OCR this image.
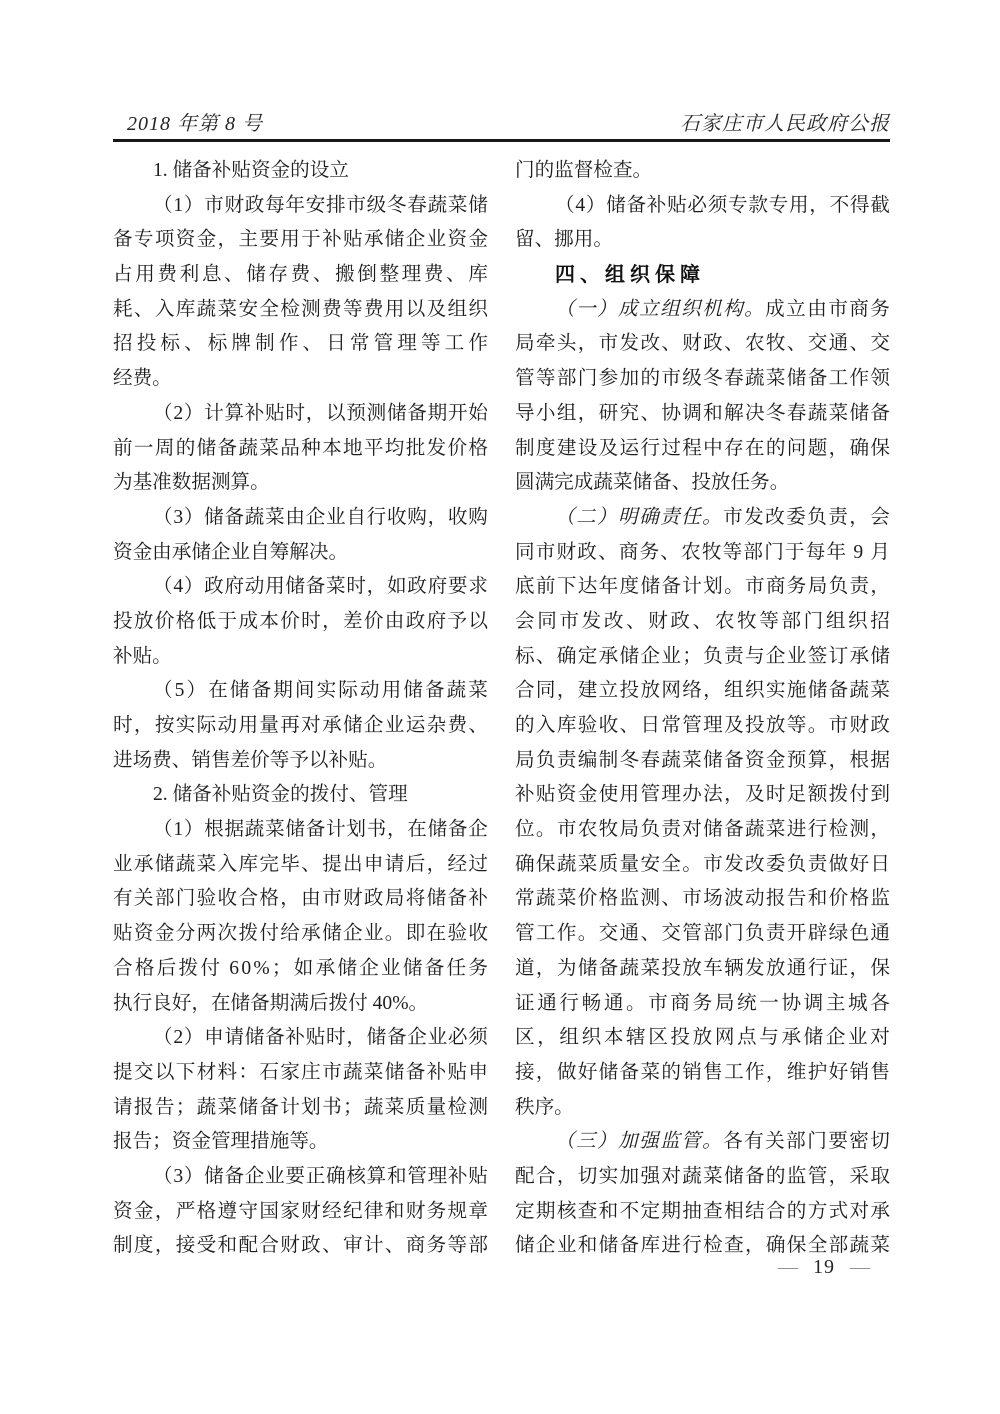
2018 年第 8 号	石家庄市人民政府公报
1. 储备补贴资金的设立
（ 1 ） 市 财 政 每 年 安 排 市 级 冬 春 蔬 菜 储
备 专 项 资 金 ， 主 要 用 于 补 贴 承 储 企 业 资 金
占 用 费 利 息 、 储 存 费 、 搬 倒 整 理 费 、 库
耗 、 入 库 蔬 菜 安 全 检 测 费 等 费 用 以 及 组 织
招 投 标 、 标 牌 制 作 、 日 常 管 理 等 工 作
经费。
（ 2 ） 计 算 补 贴 时 ， 以 预 测 储 备 期 开 始
前 一 周 的 储 备 蔬 菜 品 种 本 地 平 均 批 发 价 格
为基准数据测算。
（ 3 ） 储 备 蔬 菜 由 企 业 自 行 收 购 ， 收 购
资金由承储企业自筹解决。
（ 4 ） 政 府 动 用 储 备 菜 时 ， 如 政 府 要 求
投 放 价 格 低 于 成 本 价 时 ， 差 价 由 政 府 予 以
补贴。
（ 5 ） 在 储 备 期 间 实 际 动 用 储 备 蔬 菜
时 ， 按 实 际 动 用 量 再 对 承 储 企 业 运 杂 费 、
进场费、销售差价等予以补贴。
2. 储备补贴资金的拨付、管理
（ 1 ） 根 据 蔬 菜 储 备 计 划 书 ， 在 储 备 企
业 承 储 蔬 菜 入 库 完 毕 、 提 出 申 请 后 ， 经 过
有 关 部 门 验 收 合 格 ， 由 市 财 政 局 将 储 备 补
贴 资 金 分 两 次 拨 付 给 承 储 企 业 。 即 在 验 收
合 格 后 拨 付
6 0 % ； 如 承 储 企 业 储 备 任 务
执行良好，在储备期满后拨付 40%。
（ 2 ） 申 请 储 备 补 贴 时 ， 储 备 企 业 必 须
提 交 以 下 材 料 ： 石 家 庄 市 蔬 菜 储 备 补 贴 申
请 报 告 ； 蔬 菜 储 备 计 划 书 ； 蔬 菜 质 量 检 测
报告；资金管理措施等。
（ 3 ） 储 备 企 业 要 正 确 核 算 和 管 理 补 贴
资 金 ， 严 格 遵 守 国 家 财 经 纪 律 和 财 务 规 章
制 度 ， 接 受 和 配 合 财 政 、 审 计 、 商 务 等 部
门的监督检查。
（ 4 ） 储 备 补 贴 必 须 专 款 专 用 ， 不 得 截
留、挪用。
四、组织保障
（ 一 ） 成 立 组 织 机 构 。 成 立 由 市 商 务
局 牵 头 ， 市 发 改 、 财 政 、 农 牧 、 交 通 、 交
管 等 部 门 参 加 的 市 级 冬 春 蔬 菜 储 备 工 作 领
导 小 组 ， 研 究 、 协 调 和 解 决 冬 春 蔬 菜 储 备
制 度 建 设 及 运 行 过 程 中 存 在 的 问 题 ， 确 保
圆满完成蔬菜储备、投放任务。
（ 二 ） 明 确 责 任 。 市 发 改 委 负 责 ， 会
同 市 财 政 、 商 务 、 农 牧 等 部 门 于 每 年
9
月
底 前 下 达 年 度 储 备 计 划 。 市 商 务 局 负 责 ，
会 同 市 发 改 、 财 政 、 农 牧 等 部 门 组 织 招
标 、 确 定 承 储 企 业 ； 负 责 与 企 业 签 订 承 储
合 同 ， 建 立 投 放 网 络 ， 组 织 实 施 储 备 蔬 菜
的 入 库 验 收 、 日 常 管 理 及 投 放 等 。 市 财 政
局 负 责 编 制 冬 春 蔬 菜 储 备 资 金 预 算 ， 根 据
补 贴 资 金 使 用 管 理 办 法 ， 及 时 足 额 拨 付 到
位 。 市 农 牧 局 负 责 对 储 备 蔬 菜 进 行 检 测 ，
确 保 蔬 菜 质 量 安 全 。 市 发 改 委 负 责 做 好 日
常 蔬 菜 价 格 监 测 、 市 场 波 动 报 告 和 价 格 监
管 工 作 。 交 通 、 交 管 部 门 负 责 开 辟 绿 色 通
道 ， 为 储 备 蔬 菜 投 放 车 辆 发 放 通 行 证 ， 保
证 通 行 畅 通 。 市 商 务 局 统 一 协 调 主 城 各
区 ， 组 织 本 辖 区 投 放 网 点 与 承 储 企 业 对
接 ， 做 好 储 备 菜 的 销 售 工 作 ， 维 护 好 销 售
秩序。
（ 三 ） 加 强 监 管 。 各 有 关 部 门 要 密 切
配 合 ， 切 实 加 强 对 蔬 菜 储 备 的 监 管 ， 采 取
定 期 核 查 和 不 定 期 抽 查 相 结 合 的 方 式 对 承
储 企 业 和 储 备 库 进 行 检 查 ， 确 保 全 部 蔬 菜
— 19 —
